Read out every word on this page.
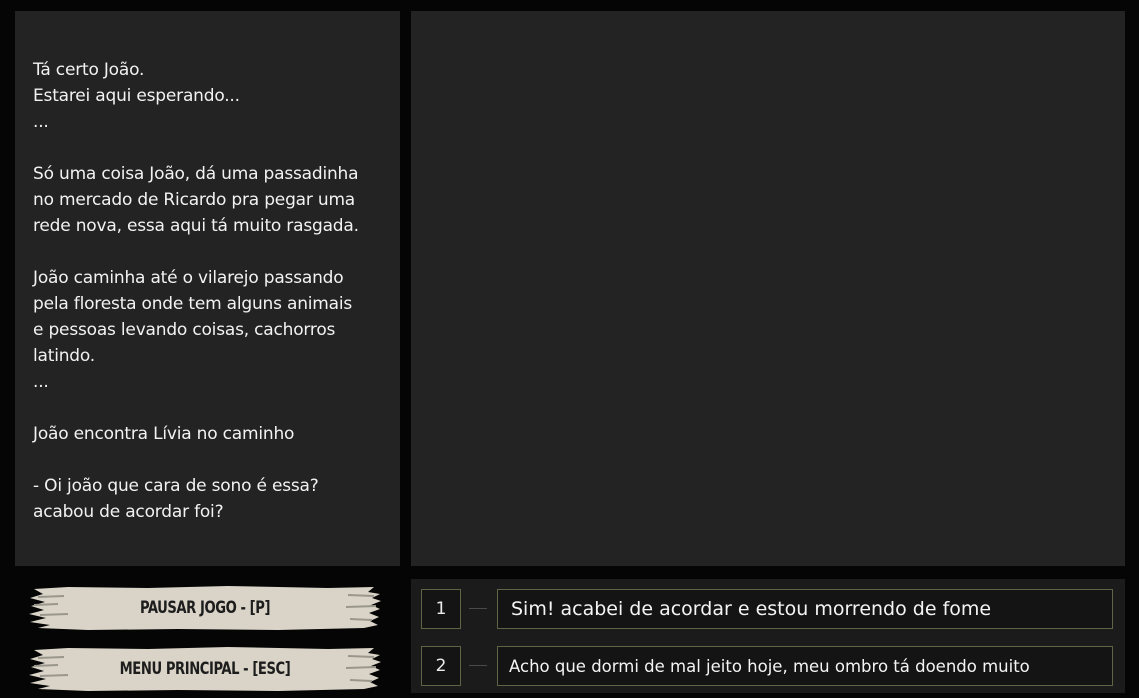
Tá certo João.
Estarei aqui esperando...
...
Só uma coisa João, dá uma passadinha
no mercado de Ricardo pra pegar uma
rede nova, essa aqui tá muito rasgada.
João caminha até o vilarejo passando
pela floresta onde tem alguns animais
e pessoas levando coisas, cachorros
latindo.
...
João encontra Lívia no caminho
- Oi joão que cara de sono é essa?
acabou de acordar foi?
PAUSAR JOGO - [P]
MENU PRINCIPAL - [ESC]
1	Sim! acabei de acordar e estou morrendo de fome
2	Acho que dormi de mal jeito hoje, meu ombro tá doendo muito
